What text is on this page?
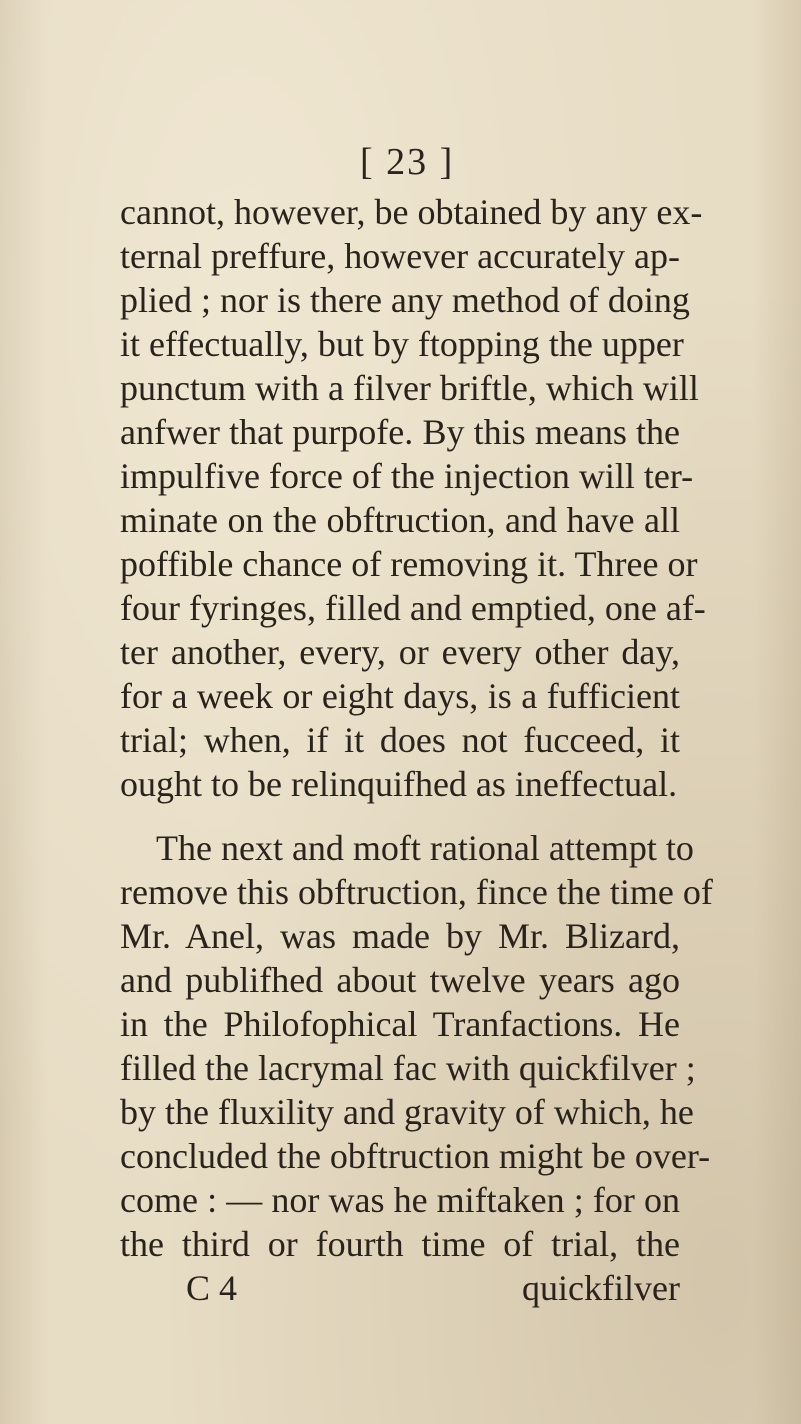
[ 23 ]
cannot, however, be obtained by any ex-
ternal preffure, however accurately ap-
plied ; nor is there any method of doing
it effectually, but by ftopping the upper
punctum with a filver briftle, which will
anfwer that purpofe. By this means the
impulfive force of the injection will ter-
minate on the obftruction, and have all
poffible chance of removing it. Three or
four fyringes, filled and emptied, one af-
ter another, every, or every other day,
for a week or eight days, is a fufficient
trial; when, if it does not fucceed, it
ought to be relinquifhed as ineffectual.
The next and moft rational attempt to
remove this obftruction, fince the time of
Mr. Anel, was made by Mr. Blizard,
and publifhed about twelve years ago
in the Philofophical Tranfactions. He
filled the lacrymal fac with quickfilver ;
by the fluxility and gravity of which, he
concluded the obftruction might be over-
come : — nor was he miftaken ; for on
the third or fourth time of trial, the
C 4	quickfilver
